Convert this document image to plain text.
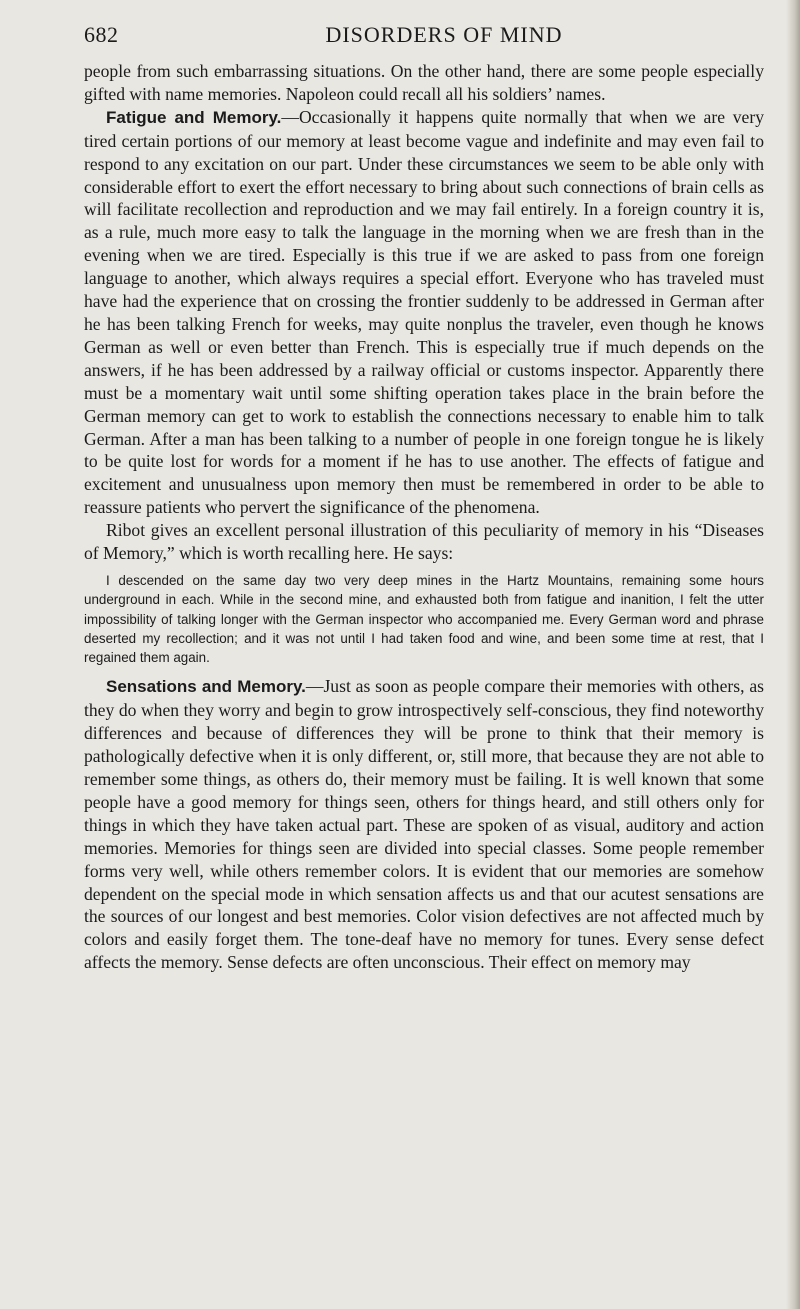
682	DISORDERS OF MIND

people from such embarrassing situations. On the other hand, there are some people especially gifted with name memories. Napoleon could recall all his soldiers’ names.

Fatigue and Memory.—Occasionally it happens quite normally that when we are very tired certain portions of our memory at least become vague and indefinite and may even fail to respond to any excitation on our part. Under these circumstances we seem to be able only with considerable effort to exert the effort necessary to bring about such connections of brain cells as will facilitate recollection and reproduction and we may fail entirely. In a foreign country it is, as a rule, much more easy to talk the language in the morning when we are fresh than in the evening when we are tired. Especially is this true if we are asked to pass from one foreign language to another, which always requires a special effort. Everyone who has traveled must have had the experience that on crossing the frontier suddenly to be addressed in German after he has been talking French for weeks, may quite nonplus the traveler, even though he knows German as well or even better than French. This is especially true if much depends on the answers, if he has been addressed by a railway official or customs inspector. Apparently there must be a momentary wait until some shifting operation takes place in the brain before the German memory can get to work to establish the connections necessary to enable him to talk German. After a man has been talking to a number of people in one foreign tongue he is likely to be quite lost for words for a moment if he has to use another. The effects of fatigue and excitement and unusualness upon memory then must be remembered in order to be able to reassure patients who pervert the significance of the phenomena.

Ribot gives an excellent personal illustration of this peculiarity of memory in his “Diseases of Memory,” which is worth recalling here. He says:

I descended on the same day two very deep mines in the Hartz Mountains, remaining some hours underground in each. While in the second mine, and exhausted both from fatigue and inanition, I felt the utter impossibility of talking longer with the German inspector who accompanied me. Every German word and phrase deserted my recollection; and it was not until I had taken food and wine, and been some time at rest, that I regained them again.

Sensations and Memory.—Just as soon as people compare their memories with others, as they do when they worry and begin to grow introspectively self-conscious, they find noteworthy differences and because of differences they will be prone to think that their memory is pathologically defective when it is only different, or, still more, that because they are not able to remember some things, as others do, their memory must be failing. It is well known that some people have a good memory for things seen, others for things heard, and still others only for things in which they have taken actual part. These are spoken of as visual, auditory and action memories. Memories for things seen are divided into special classes. Some people remember forms very well, while others remember colors. It is evident that our memories are somehow dependent on the special mode in which sensation affects us and that our acutest sensations are the sources of our longest and best memories. Color vision defectives are not affected much by colors and easily forget them. The tone-deaf have no memory for tunes. Every sense defect affects the memory. Sense defects are often unconscious. Their effect on memory may
